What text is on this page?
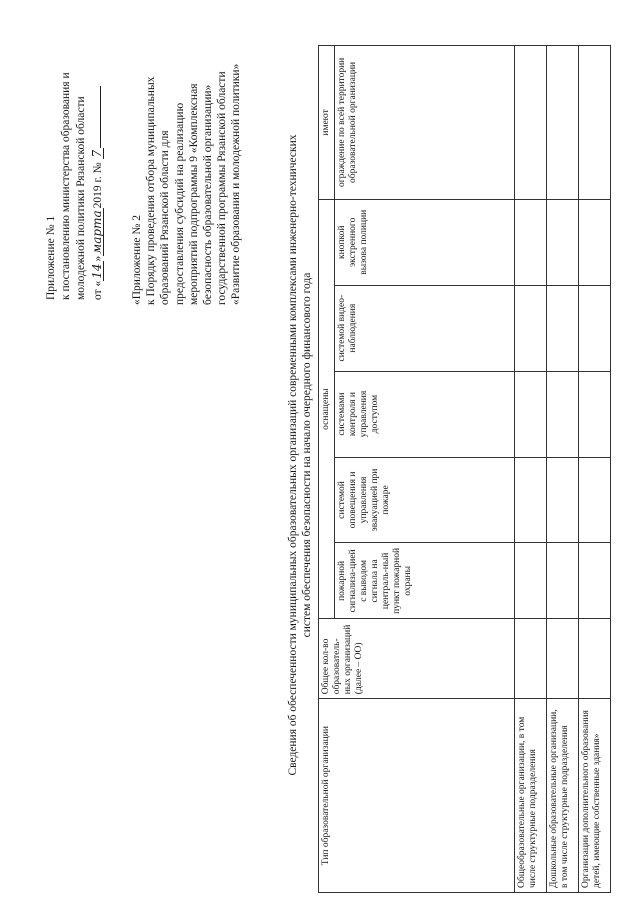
Приложение № 1 к постановлению министерства образования и молодежной политики Рязанской области от «14»марта2019 г. № 7
«Приложение № 2 к Порядку проведения отбора муниципальных образований Рязанской области для предоставления субсидий на реализацию мероприятий подпрограммы 9 «Комплексная безопасность образовательной организации» государственной программы Рязанской области «Развитие образования и молодежной политики»	Сведения об обеспеченности муниципальных образовательных организаций современными комплексами инженерно-технических систем обеспечения безопасности на начало очередного финансового года
Тип образовательной организации	Общее кол-во образователь-ных организаций (далее – ОО)	оснащены					имеют
		пожарной сигнализа-цией с выводом сигнала на централь-ный пункт пожарной охраны	системой оповещения и управления эвакуацией при пожаре	системами контроля и управления доступом	системой видео-наблюдения	кнопкой экстренного вызова полиции	ограждение по всей территории образовательной организации
Общеобразовательные организации, в том числе структурные подразделения							
Дошкольные образовательные организации, в том числе структурные подразделения							
Организации дополнительного образования детей, имеющие собственные здания»							
